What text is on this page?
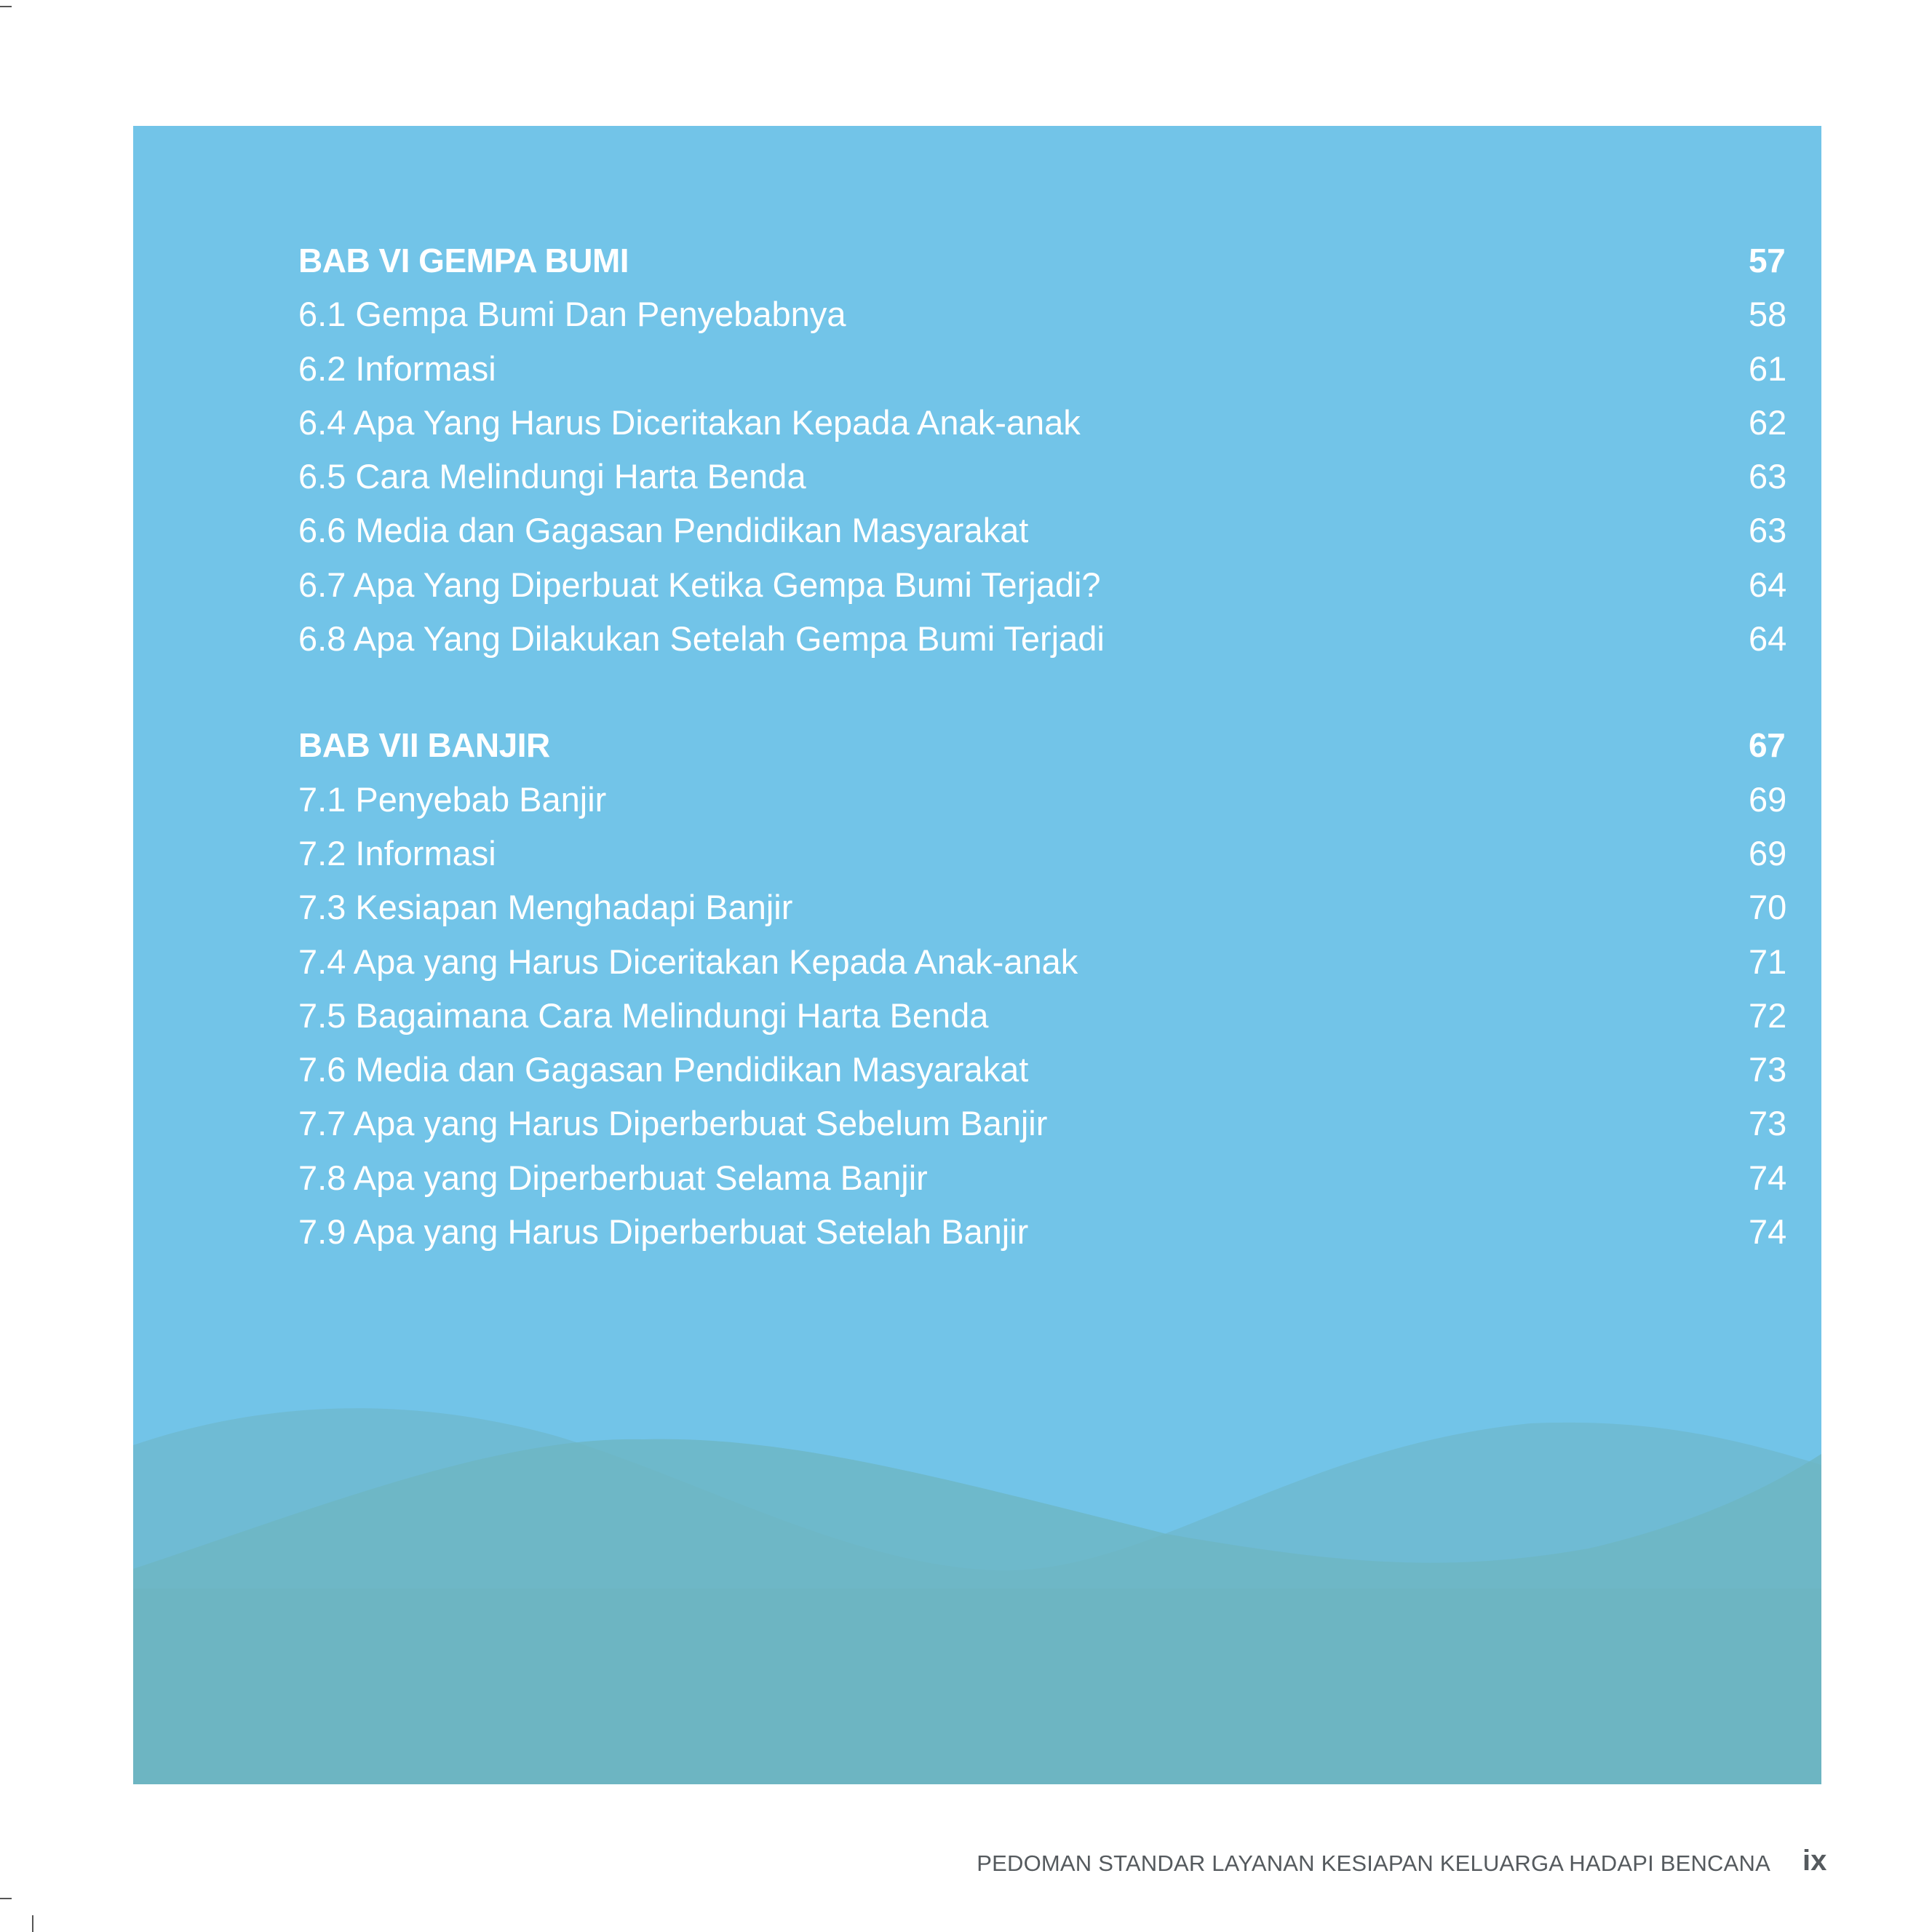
BAB VI GEMPA BUMI	57
6.1 Gempa Bumi Dan Penyebabnya	58
6.2 Informasi	61
6.4 Apa Yang Harus Diceritakan Kepada Anak-anak	62
6.5 Cara Melindungi Harta Benda	63
6.6 Media dan Gagasan Pendidikan Masyarakat	63
6.7 Apa Yang Diperbuat Ketika Gempa Bumi Terjadi?	64
6.8 Apa Yang Dilakukan Setelah Gempa Bumi Terjadi	64
BAB VII BANJIR	67
7.1 Penyebab Banjir	69
7.2 Informasi	69
7.3 Kesiapan Menghadapi Banjir	70
7.4 Apa yang Harus Diceritakan Kepada Anak-anak	71
7.5 Bagaimana Cara Melindungi Harta Benda	72
7.6 Media dan Gagasan Pendidikan Masyarakat	73
7.7 Apa yang Harus Diperberbuat Sebelum Banjir	73
7.8 Apa yang Diperberbuat Selama Banjir	74
7.9 Apa yang Harus Diperberbuat Setelah Banjir	74
PEDOMAN STANDAR LAYANAN KESIAPAN KELUARGA HADAPI BENCANA ix
